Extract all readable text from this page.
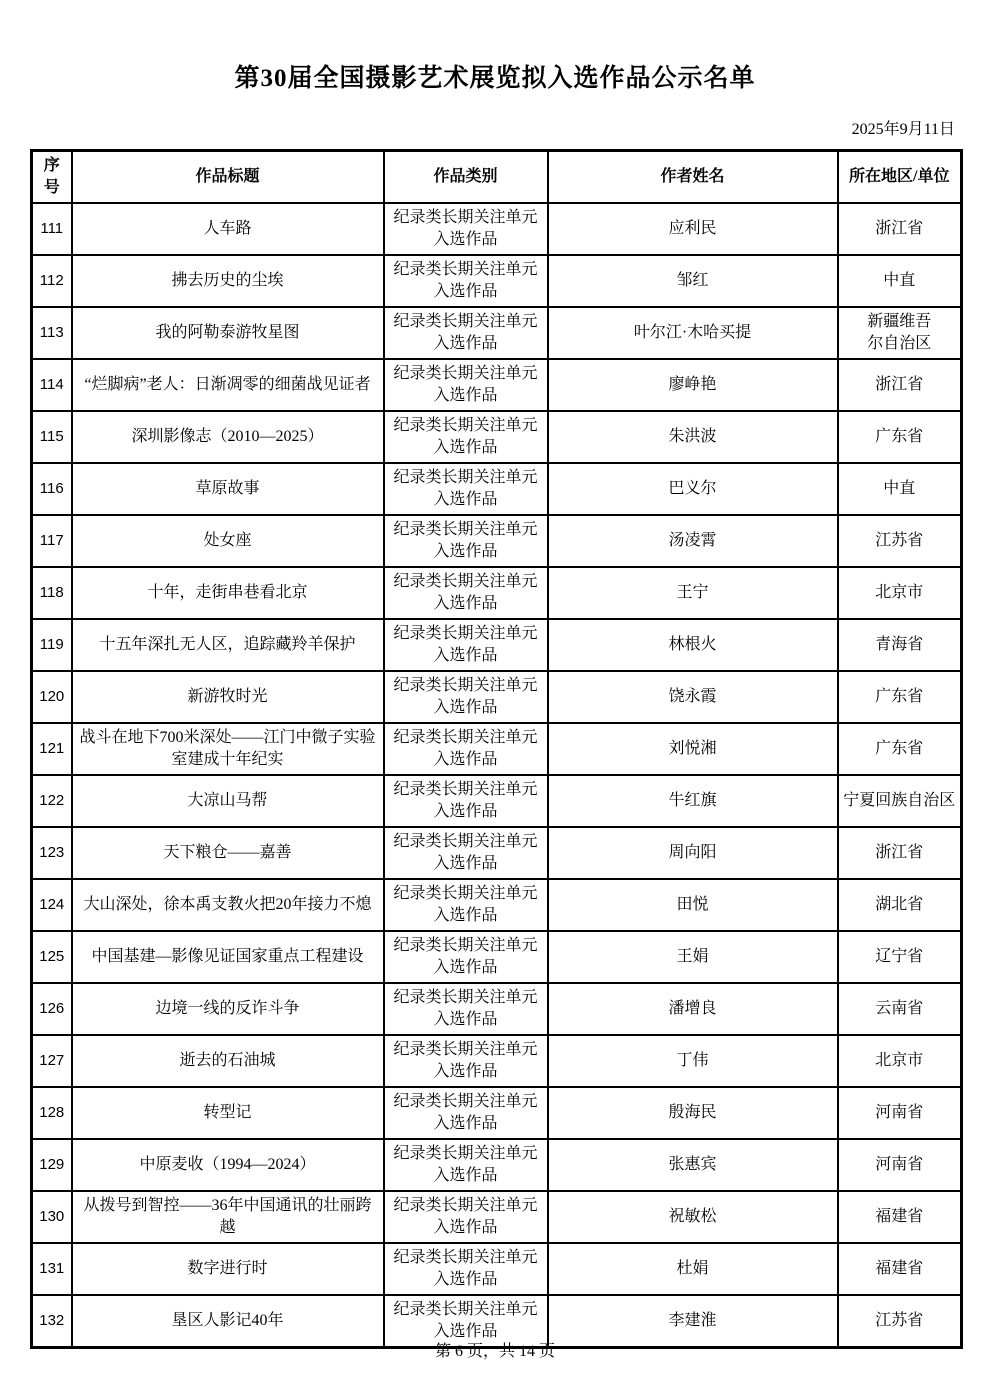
第30届全国摄影艺术展览拟入选作品公示名单
2025年9月11日
序号	作品标题	作品类别	作者姓名	所在地区/单位
111	人车路	纪录类长期关注单元入选作品	应利民	浙江省
112	拂去历史的尘埃	纪录类长期关注单元入选作品	邹红	中直
113	我的阿勒泰游牧星图	纪录类长期关注单元入选作品	叶尔江·木哈买提	新疆维吾尔自治区
114	“烂脚病”老人：日渐凋零的细菌战见证者	纪录类长期关注单元入选作品	廖峥艳	浙江省
115	深圳影像志（2010—2025）	纪录类长期关注单元入选作品	朱洪波	广东省
116	草原故事	纪录类长期关注单元入选作品	巴义尔	中直
117	处女座	纪录类长期关注单元入选作品	汤凌霄	江苏省
118	十年，走街串巷看北京	纪录类长期关注单元入选作品	王宁	北京市
119	十五年深扎无人区，追踪藏羚羊保护	纪录类长期关注单元入选作品	林根火	青海省
120	新游牧时光	纪录类长期关注单元入选作品	饶永霞	广东省
121	战斗在地下700米深处——江门中微子实验室建成十年纪实	纪录类长期关注单元入选作品	刘悦湘	广东省
122	大凉山马帮	纪录类长期关注单元入选作品	牛红旗	宁夏回族自治区
123	天下粮仓——嘉善	纪录类长期关注单元入选作品	周向阳	浙江省
124	大山深处，徐本禹支教火把20年接力不熄	纪录类长期关注单元入选作品	田悦	湖北省
125	中国基建—影像见证国家重点工程建设	纪录类长期关注单元入选作品	王娟	辽宁省
126	边境一线的反诈斗争	纪录类长期关注单元入选作品	潘增良	云南省
127	逝去的石油城	纪录类长期关注单元入选作品	丁伟	北京市
128	转型记	纪录类长期关注单元入选作品	殷海民	河南省
129	中原麦收（1994—2024）	纪录类长期关注单元入选作品	张惠宾	河南省
130	从拨号到智控——36年中国通讯的壮丽跨越	纪录类长期关注单元入选作品	祝敏松	福建省
131	数字进行时	纪录类长期关注单元入选作品	杜娟	福建省
132	垦区人影记40年	纪录类长期关注单元入选作品	李建淮	江苏省
第 6 页，共 14 页
